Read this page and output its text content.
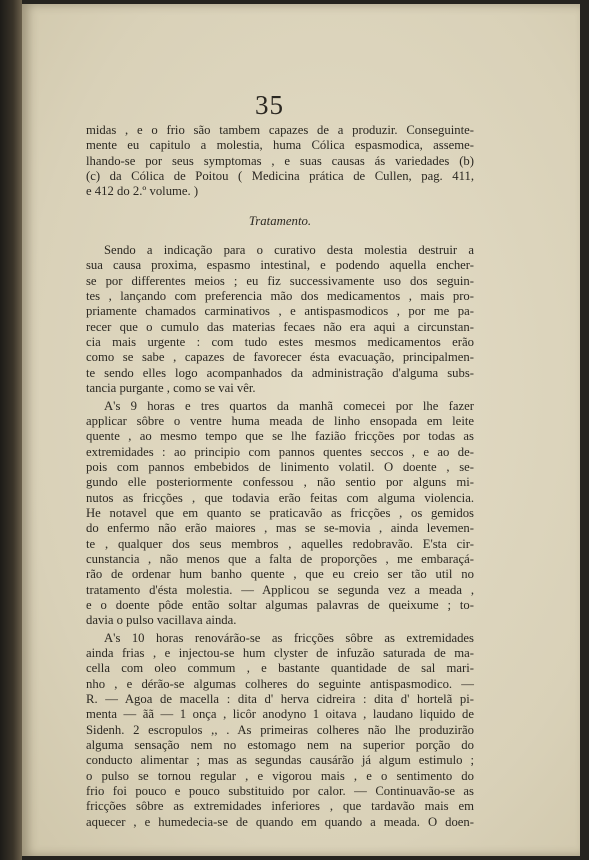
35
midas , e o frio são tambem capazes de a produzir. Conseguinte-
mente eu capitulo a molestia, huma Cólica espasmodica, asseme-
lhando-se por seus symptomas , e suas causas ás variedades (b)
(c) da Cólica de Poitou ( Medicina prática de Cullen, pag. 411,
e 412 do 2.º volume. )
Tratamento.
Sendo a indicação para o curativo desta molestia destruir a
sua causa proxima, espasmo intestinal, e podendo aquella encher-
se por differentes meios ; eu fiz successivamente uso dos seguin-
tes , lançando com preferencia mão dos medicamentos , mais pro-
priamente chamados carminativos , e antispasmodicos , por me pa-
recer que o cumulo das materias fecaes não era aqui a circunstan-
cia mais urgente : com tudo estes mesmos medicamentos erão
como se sabe , capazes de favorecer ésta evacuação, principalmen-
te sendo elles logo acompanhados da administração d'alguma subs-
tancia purgante , como se vai vêr.
A's 9 horas e tres quartos da manhã comecei por lhe fazer
applicar sôbre o ventre huma meada de linho ensopada em leite
quente , ao mesmo tempo que se lhe fazião fricções por todas as
extremidades : ao principio com pannos quentes seccos , e ao de-
pois com pannos embebidos de linimento volatil. O doente , se-
gundo elle posteriormente confessou , não sentio por alguns mi-
nutos as fricções , que todavia erão feitas com alguma violencia.
He notavel que em quanto se praticavão as fricções , os gemidos
do enfermo não erão maiores , mas se se-movia , ainda levemen-
te , qualquer dos seus membros , aquelles redobravão. E'sta cir-
cunstancia , não menos que a falta de proporções , me embaraçá-
rão de ordenar hum banho quente , que eu creio ser tão util no
tratamento d'ésta molestia. — Applicou se segunda vez a meada ,
e o doente pôde então soltar algumas palavras de queixume ; to-
davia o pulso vacillava ainda.
A's 10 horas renovárão-se as fricções sôbre as extremidades
ainda frias , e injectou-se hum clyster de infuzão saturada de ma-
cella com oleo commum , e bastante quantidade de sal mari-
nho , e dérão-se algumas colheres do seguinte antispasmodico. —
R. — Agoa de macella : dita d' herva cidreira : dita d' hortelã pi-
menta — ãã — 1 onça , licôr anodyno 1 oitava , laudano liquido de
Sidenh. 2 escropulos ,, . As primeiras colheres não lhe produzirão
alguma sensação nem no estomago nem na superior porção do
conducto alimentar ; mas as segundas causárão já algum estimulo ;
o pulso se tornou regular , e vigorou mais , e o sentimento do
frio foi pouco e pouco substituido por calor. — Continuavão-se as
fricções sôbre as extremidades inferiores , que tardavão mais em
aquecer , e humedecia-se de quando em quando a meada. O doen-
